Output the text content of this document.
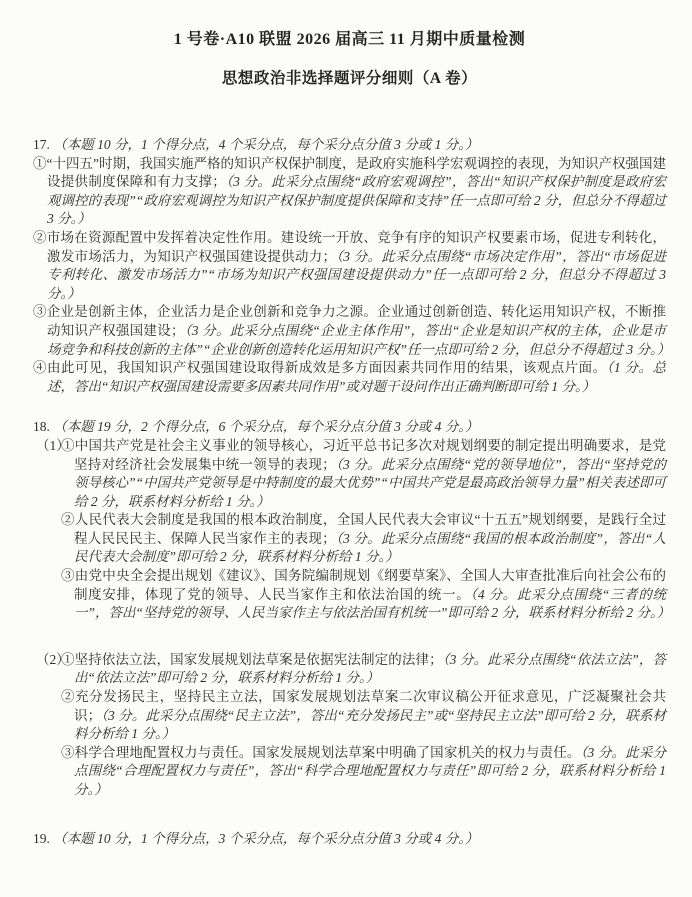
1 号卷·A10 联盟 2026 届高三 11 月期中质量检测
思想政治非选择题评分细则（A 卷）

17. （本题 10 分，1 个得分点，4 个采分点，每个采分点分值 3 分或 1 分。）

①“十四五”时期，我国实施严格的知识产权保护制度，是政府实施科学宏观调控的表现，为知识产权强国建设提供制度保障和有力支撑；（3 分。此采分点围绕“政府宏观调控”，答出“知识产权保护制度是政府宏观调控的表现”“政府宏观调控为知识产权保护制度提供保障和支持”任一点即可给 2 分，但总分不得超过 3 分。）

②市场在资源配置中发挥着决定性作用。建设统一开放、竞争有序的知识产权要素市场，促进专利转化，激发市场活力，为知识产权强国建设提供动力；（3 分。此采分点围绕“市场决定作用”，答出“市场促进专利转化、激发市场活力”“市场为知识产权强国建设提供动力”任一点即可给 2 分，但总分不得超过 3 分。）

③企业是创新主体，企业活力是企业创新和竞争力之源。企业通过创新创造、转化运用知识产权，不断推动知识产权强国建设；（3 分。此采分点围绕“企业主体作用”，答出“企业是知识产权的主体，企业是市场竞争和科技创新的主体”“企业创新创造转化运用知识产权”任一点即可给 2 分，但总分不得超过 3 分。）

④由此可见，我国知识产权强国建设取得新成效是多方面因素共同作用的结果，该观点片面。（1 分。总述，答出“知识产权强国建设需要多因素共同作用”或对题干设问作出正确判断即可给 1 分。）

18. （本题 19 分，2 个得分点，6 个采分点，每个采分点分值 3 分或 4 分。）

（1）

①中国共产党是社会主义事业的领导核心，习近平总书记多次对规划纲要的制定提出明确要求，是党坚持对经济社会发展集中统一领导的表现；（3 分。此采分点围绕“党的领导地位”，答出“坚持党的领导核心”“中国共产党领导是中特制度的最大优势”“中国共产党是最高政治领导力量”相关表述即可给 2 分，联系材料分析给 1 分。）

②人民代表大会制度是我国的根本政治制度，全国人民代表大会审议“十五五”规划纲要，是践行全过程人民民民主、保障人民当家作主的表现；（3 分。此采分点围绕“我国的根本政治制度”，答出“人民代表大会制度”即可给 2 分，联系材料分析给 1 分。）

③由党中央全会提出规划《建议》、国务院编制规划《纲要草案》、全国人大审查批准后向社会公布的制度安排，体现了党的领导、人民当家作主和依法治国的统一。（4 分。此采分点围绕“三者的统一”，答出“坚持党的领导、人民当家作主与依法治国有机统一”即可给 2 分，联系材料分析给 2 分。）

（2）

①坚持依法立法，国家发展规划法草案是依据宪法制定的法律；（3 分。此采分点围绕“依法立法”，答出“依法立法”即可给 2 分，联系材料分析给 1 分。）

②充分发扬民主，坚持民主立法，国家发展规划法草案二次审议稿公开征求意见，广泛凝聚社会共识；（3 分。此采分点围绕“民主立法”，答出“充分发扬民主”或“坚持民主立法”即可给 2 分，联系材料分析给 1 分。）

③科学合理地配置权力与责任。国家发展规划法草案中明确了国家机关的权力与责任。（3 分。此采分点围绕“合理配置权力与责任”，答出“科学合理地配置权力与责任”即可给 2 分，联系材料分析给 1 分。）

19. （本题 10 分，1 个得分点，3 个采分点，每个采分点分值 3 分或 4 分。）
